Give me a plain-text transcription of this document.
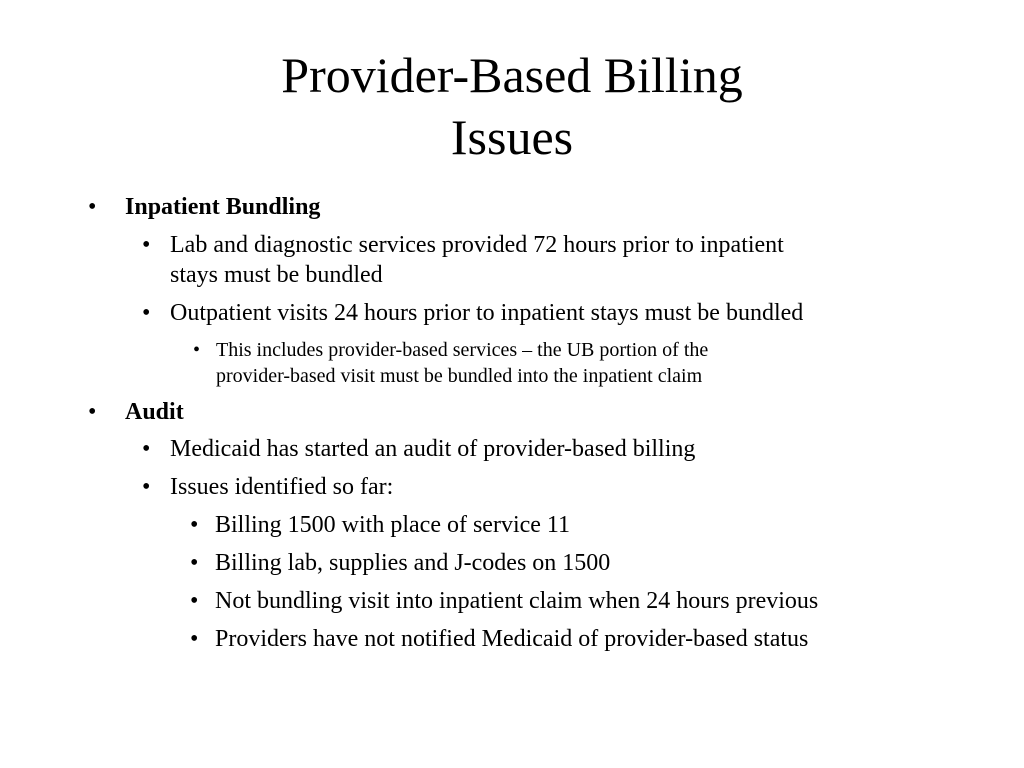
Provider-Based Billing
Issues
• Inpatient Bundling
• Lab and diagnostic services provided 72 hours prior to inpatient
stays must be bundled
• Outpatient visits 24 hours prior to inpatient stays must be bundled
• This includes provider-based services – the UB portion of the
provider-based visit must be bundled into the inpatient claim
• Audit
• Medicaid has started an audit of provider-based billing
• Issues identified so far:
• Billing 1500 with place of service 11
• Billing lab, supplies and J-codes on 1500
• Not bundling visit into inpatient claim when 24 hours previous
• Providers have not notified Medicaid of provider-based status
